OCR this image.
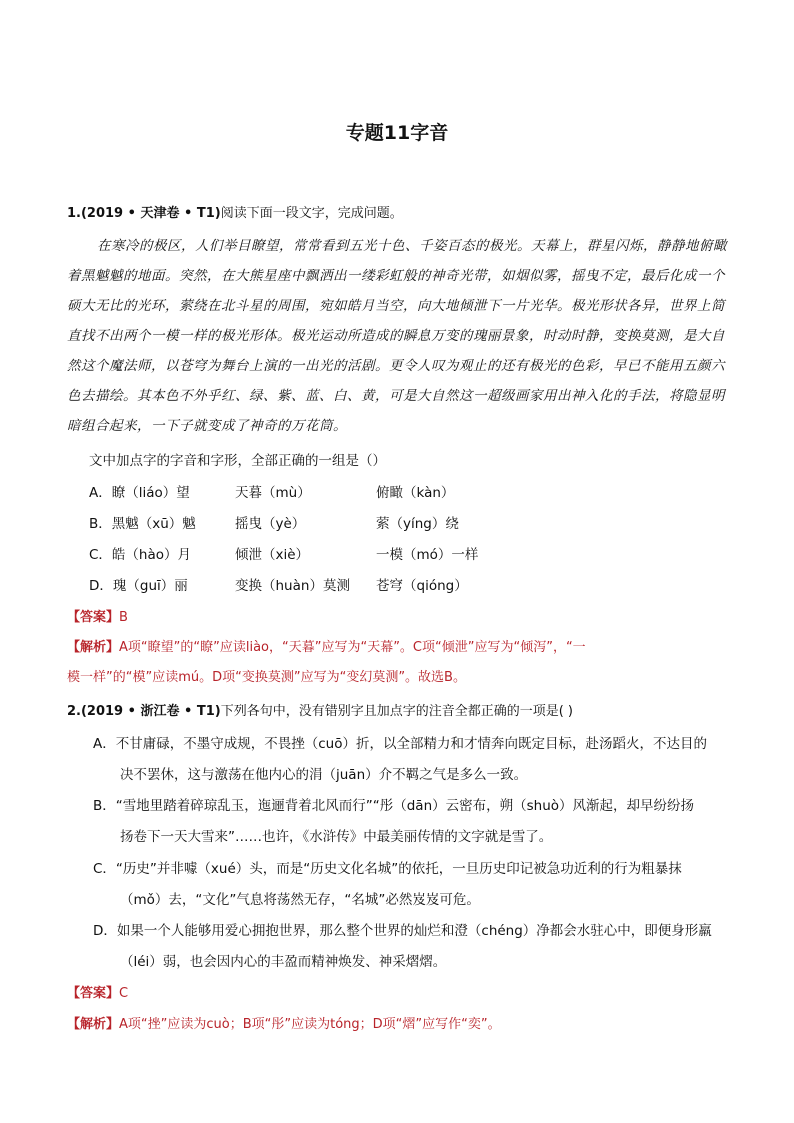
专题11字音
1.(2019 • 天津卷 • T1)阅读下面一段文字，完成问题。
在寒冷的极区，人们举目瞭望，常常看到五光十色、千姿百态的极光。天幕上，群星闪烁，静静地俯瞰
着黑魆魆的地面。突然，在大熊星座中飘洒出一缕彩虹般的神奇光带，如烟似雾，摇曳不定，最后化成一个
硕大无比的光环，萦绕在北斗星的周围，宛如皓月当空，向大地倾泄下一片光华。极光形状各异，世界上简
直找不出两个一模一样的极光形体。极光运动所造成的瞬息万变的瑰丽景象，时动时静，变换莫测，是大自
然这个魔法师，以苍穹为舞台上演的一出光的活剧。更令人叹为观止的还有极光的色彩，早已不能用五颜六
色去描绘。其本色不外乎红、绿、紫、蓝、白、黄，可是大自然这一超级画家用出神入化的手法，将隐显明
暗组合起来，一下子就变成了神奇的万花筒。
文中加点字的字音和字形，全部正确的一组是（）
A．瞭（liáo）望	天暮（mù）	俯瞰（kàn）
B．黑魆（xū）魆	摇曳（yè）	萦（yíng）绕
C．皓（hào）月	倾泄（xiè）	一模（mó）一样
D．瑰（guī）丽	变换（huàn）莫测 苍穹（qióng）
【答案】B
【解析】A项“瞭望”的“瞭”应读liào，“天暮”应写为“天幕”。C项“倾泄”应写为“倾泻”，“一
模一样”的“模”应读mú。D项“变换莫测”应写为“变幻莫测”。故选B。
2.(2019 • 浙江卷 • T1)下列各句中，没有错别字且加点字的注音全都正确的一项是( )
A．不甘庸碌，不墨守成规，不畏挫（cuō）折，以全部精力和才情奔向既定目标，赴汤蹈火，不达目的
决不罢休，这与激荡在他内心的涓（juān）介不羁之气是多么一致。
B．“雪地里踏着碎琼乱玉，迤逦背着北风而行”“彤（dān）云密布，朔（shuò）风渐起，却早纷纷扬
扬卷下一天大雪来”……也许，《水浒传》中最美丽传情的文字就是雪了。
C．“历史”并非噱（xué）头，而是“历史文化名城”的依托，一旦历史印记被急功近利的行为粗暴抹
（mǒ）去，“文化”气息将荡然无存，“名城”必然岌岌可危。
D．如果一个人能够用爱心拥抱世界，那么整个世界的灿烂和澄（chéng）净都会水驻心中，即便身形羸
（léi）弱，也会因内心的丰盈而精神焕发、神采熠熠。
【答案】C
【解析】A项“挫”应读为cuò；B项“彤”应读为tóng；D项“熠”应写作“奕”。
